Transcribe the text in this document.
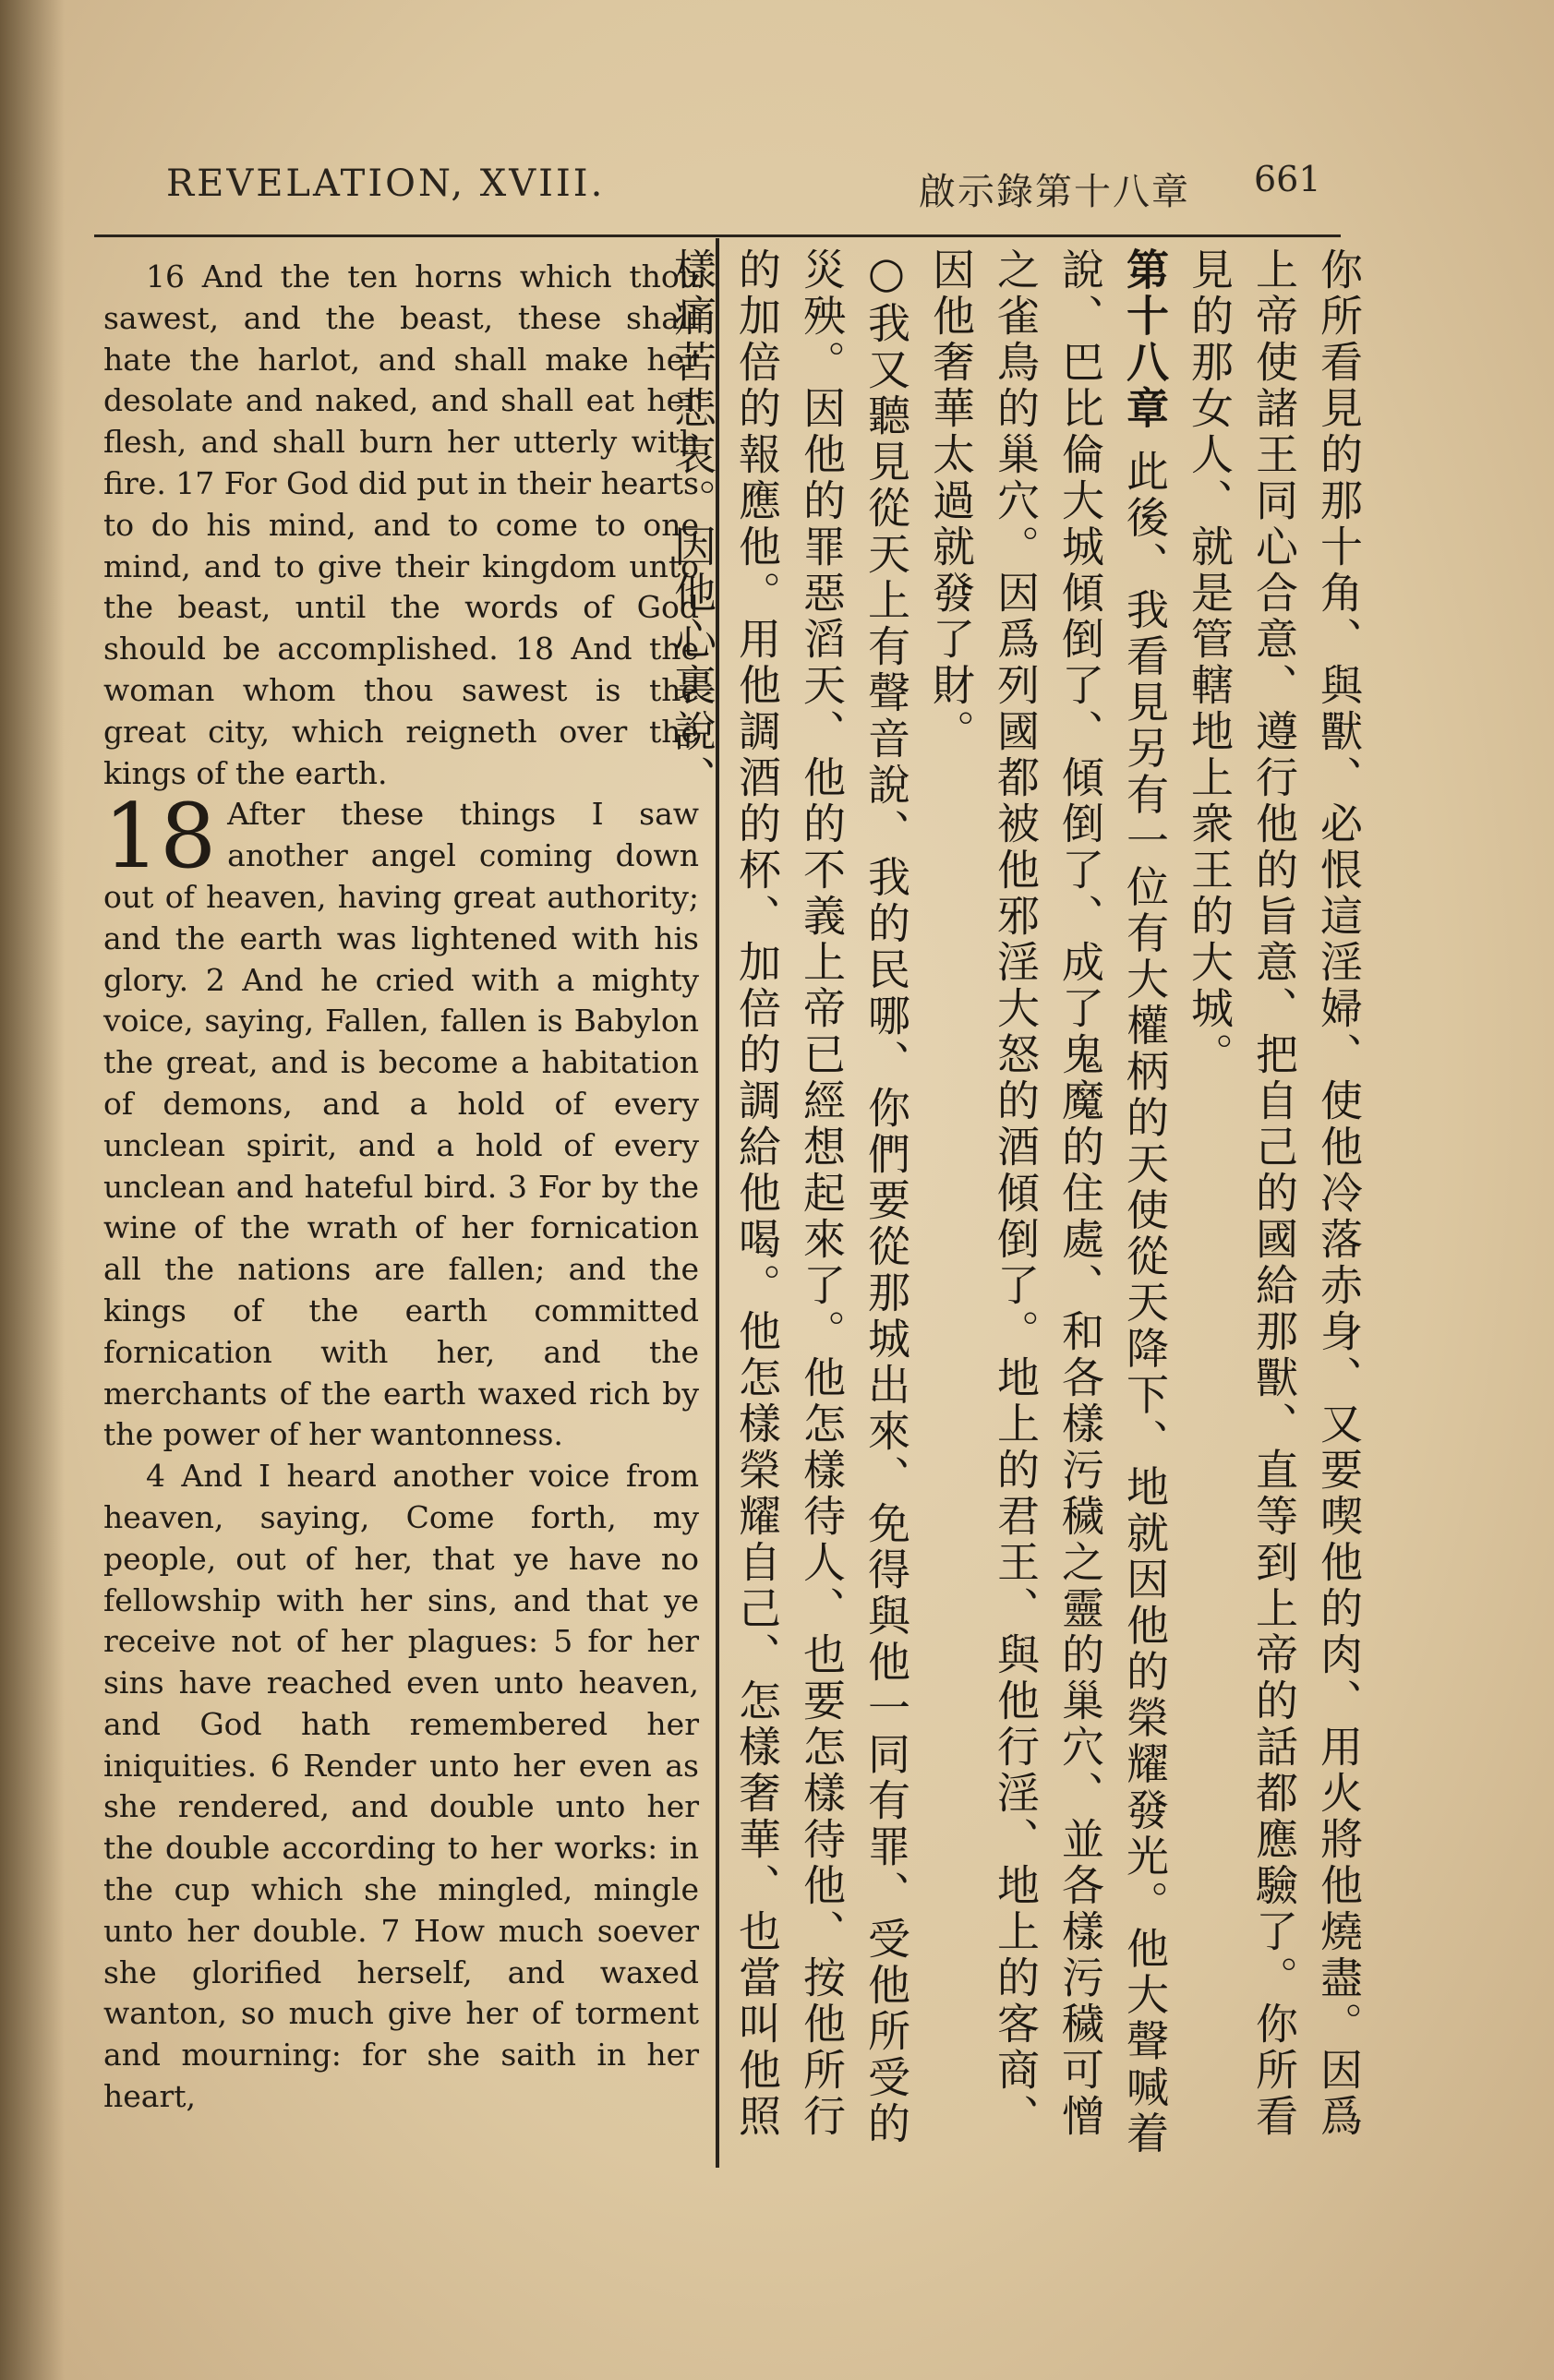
REVELATION, XVIII.	啟示錄第十八章 661

16 And the ten horns which thou sawest, and the beast, these shall hate the harlot, and shall make her desolate and naked, and shall eat her flesh, and shall burn her utterly with fire. 17 For God did put in their hearts to do his mind, and to come to one mind, and to give their kingdom unto the beast, until the words of God should be accomplished. 18 And the woman whom thou sawest is the great city, which reigneth over the kings of the earth.

18 After these things I saw another angel coming down out of heaven, having great authority; and the earth was lightened with his glory. 2 And he cried with a mighty voice, saying, Fallen, fallen is Babylon the great, and is become a habitation of demons, and a hold of every unclean spirit, and a hold of every unclean and hateful bird. 3 For by the wine of the wrath of her fornication all the nations are fallen; and the kings of the earth committed fornication with her, and the merchants of the earth waxed rich by the power of her wantonness.

4 And I heard another voice from heaven, saying, Come forth, my people, out of her, that ye have no fellowship with her sins, and that ye receive not of her plagues: 5 for her sins have reached even unto heaven, and God hath remembered her iniquities. 6 Render unto her even as she rendered, and double unto her the double according to her works: in the cup which she mingled, mingle unto her double. 7 How much soever she glorified herself, and waxed wanton, so much give her of torment and mourning: for she saith in her heart,	你所看見的那十角、與獸、必恨這淫婦、使他冷落赤身、又要喫他的肉、用火將他燒盡。因爲上帝使諸王同心合意、遵行他的旨意、把自己的國給那獸、直等到上帝的話都應驗了。你所看見的那女人、就是管轄地上衆王的大城。

第十八章 此後、我看見另有一位有大權柄的天使從天降下、地就因他的榮耀發光。他大聲喊着說、巴比倫大城傾倒了、傾倒了、成了鬼魔的住處、和各樣污穢之靈的巢穴、並各樣污穢可憎之雀鳥的巢穴。因爲列國都被他邪淫大怒的酒傾倒了。地上的君王、與他行淫、地上的客商、因他奢華太過就發了財。

○我又聽見從天上有聲音說、我的民哪、你們要從那城出來、免得與他一同有罪、受他所受的災殃。因他的罪惡滔天、他的不義上帝已經想起來了。他怎樣待人、也要怎樣待他、按他所行的加倍的報應他。用他調酒的杯、加倍的調給他喝。他怎樣榮耀自己、怎樣奢華、也當叫他照樣痛苦悲哀。因他心裏說、
